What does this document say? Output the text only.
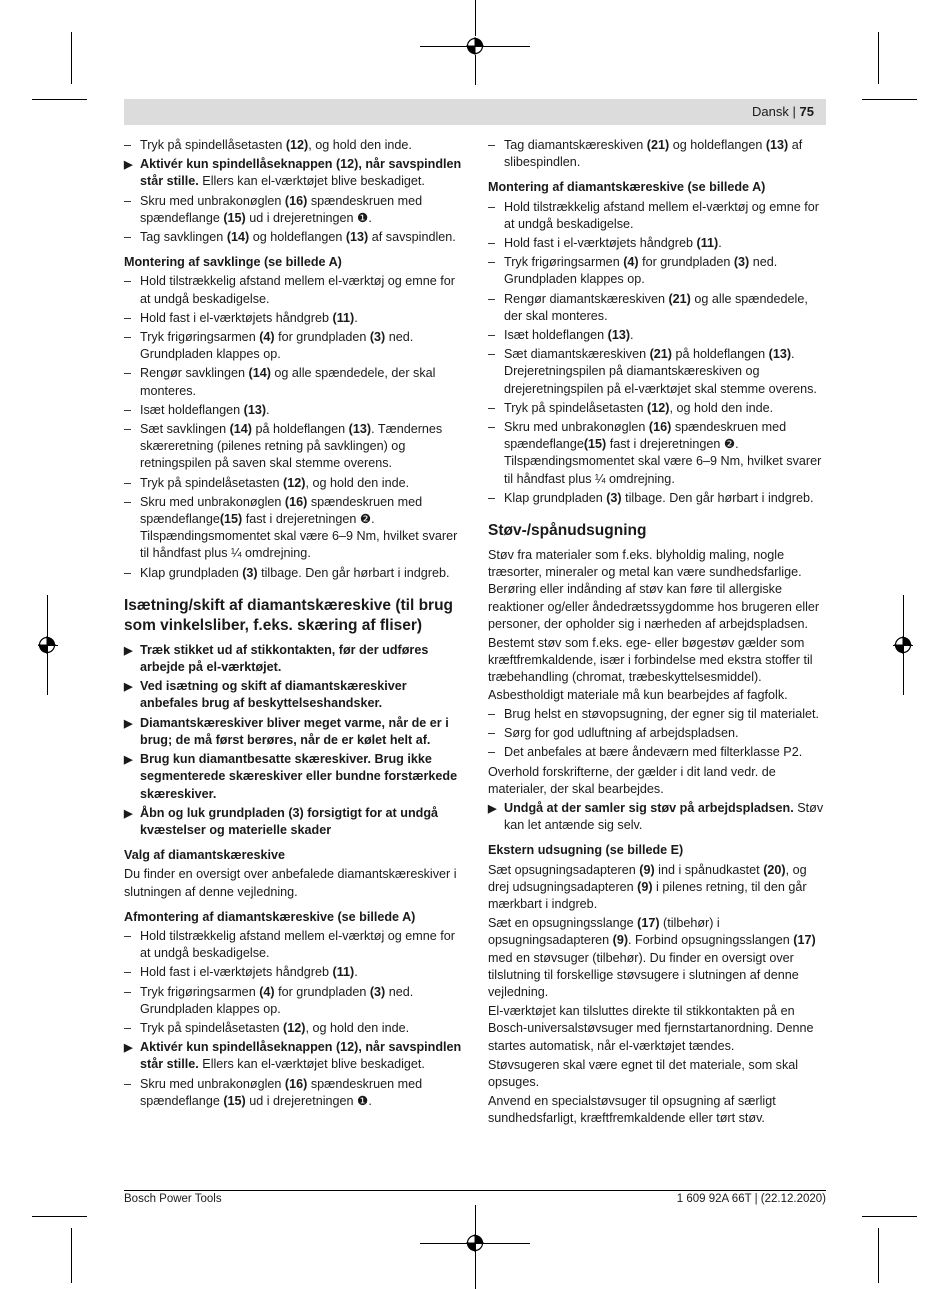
Dansk | 75
– Tryk på spindellåsetasten (12), og hold den inde.
▶ Aktivér kun spindellåseknappen (12), når savspindlen står stille. Ellers kan el-værktøjet blive beskadiget.
– Skru med unbrakonøglen (16) spændeskruen med spændeflange (15) ud i drejeretningen ❶.
– Tag savklingen (14) og holdeflangen (13) af savspindlen.
Montering af savklinge (se billede A)
– Hold tilstrækkelig afstand mellem el-værktøj og emne for at undgå beskadigelse.
– Hold fast i el-værktøjets håndgreb (11).
– Tryk frigøringsarmen (4) for grundpladen (3) ned. Grundpladen klappes op.
– Rengør savklingen (14) og alle spændedele, der skal monteres.
– Isæt holdeflangen (13).
– Sæt savklingen (14) på holdeflangen (13). Tændernes skæreretning (pilenes retning på savklingen) og retningspilen på saven skal stemme overens.
– Tryk på spindelåsetasten (12), og hold den inde.
– Skru med unbrakonøglen (16) spændeskruen med spændeflange(15) fast i drejeretningen ❷. Tilspændingsmomentet skal være 6–9 Nm, hvilket svarer til håndfast plus ¼ omdrejning.
– Klap grundpladen (3) tilbage. Den går hørbart i indgreb.
Isætning/skift af diamantskæreskive (til brug som vinkelsliber, f.eks. skæring af fliser)
▶ Træk stikket ud af stikkontakten, før der udføres arbejde på el-værktøjet.
▶ Ved isætning og skift af diamantskæreskiver anbefales brug af beskyttelseshandsker.
▶ Diamantskæreskiver bliver meget varme, når de er i brug; de må først berøres, når de er kølet helt af.
▶ Brug kun diamantbesatte skæreskiver. Brug ikke segmenterede skæreskiver eller bundne forstærkede skæreskiver.
▶ Åbn og luk grundpladen (3) forsigtigt for at undgå kvæstelser og materielle skader
Valg af diamantskæreskive
Du finder en oversigt over anbefalede diamantskæreskiver i slutningen af denne vejledning.
Afmontering af diamantskæreskive (se billede A)
– Hold tilstrækkelig afstand mellem el-værktøj og emne for at undgå beskadigelse.
– Hold fast i el-værktøjets håndgreb (11).
– Tryk frigøringsarmen (4) for grundpladen (3) ned. Grundpladen klappes op.
– Tryk på spindelåsetasten (12), og hold den inde.
▶ Aktivér kun spindellåseknappen (12), når savspindlen står stille. Ellers kan el-værktøjet blive beskadiget.
– Skru med unbrakonøglen (16) spændeskruen med spændeflange (15) ud i drejeretningen ❶.
– Tag diamantskæreskiven (21) og holdeflangen (13) af slibespindlen.
Montering af diamantskæreskive (se billede A)
– Hold tilstrækkelig afstand mellem el-værktøj og emne for at undgå beskadigelse.
– Hold fast i el-værktøjets håndgreb (11).
– Tryk frigøringsarmen (4) for grundpladen (3) ned. Grundpladen klappes op.
– Rengør diamantskæreskiven (21) og alle spændedele, der skal monteres.
– Isæt holdeflangen (13).
– Sæt diamantskæreskiven (21) på holdeflangen (13). Drejeretningspilen på diamantskæreskiven og drejeretningspilen på el-værktøjet skal stemme overens.
– Tryk på spindelåsetasten (12), og hold den inde.
– Skru med unbrakonøglen (16) spændeskruen med spændeflange(15) fast i drejeretningen ❷. Tilspændingsmomentet skal være 6–9 Nm, hvilket svarer til håndfast plus ¼ omdrejning.
– Klap grundpladen (3) tilbage. Den går hørbart i indgreb.
Støv-/spånudsugning
Støv fra materialer som f.eks. blyholdig maling, nogle træsorter, mineraler og metal kan være sundhedsfarlige. Berøring eller indånding af støv kan føre til allergiske reaktioner og/eller åndedrætssygdomme hos brugeren eller personer, der opholder sig i nærheden af arbejdspladsen.
Bestemt støv som f.eks. ege- eller bøgestøv gælder som kræftfremkaldende, især i forbindelse med ekstra stoffer til træbehandling (chromat, træbeskyttelsesmiddel). Asbestholdigt materiale må kun bearbejdes af fagfolk.
– Brug helst en støvopsugning, der egner sig til materialet.
– Sørg for god udluftning af arbejdspladsen.
– Det anbefales at bære åndeværn med filterklasse P2.
Overhold forskrifterne, der gælder i dit land vedr. de materialer, der skal bearbejdes.
▶ Undgå at der samler sig støv på arbejdspladsen. Støv kan let antænde sig selv.
Ekstern udsugning (se billede E)
Sæt opsugningsadapteren (9) ind i spånudkastet (20), og drej udsugningsadapteren (9) i pilenes retning, til den går mærkbart i indgreb.
Sæt en opsugningsslange (17) (tilbehør) i opsugningsadapteren (9). Forbind opsugningsslangen (17) med en støvsuger (tilbehør). Du finder en oversigt over tilslutning til forskellige støvsugere i slutningen af denne vejledning.
El-værktøjet kan tilsluttes direkte til stikkontakten på en Bosch-universalstøvsuger med fjernstartanordning. Denne startes automatisk, når el-værktøjet tændes.
Støvsugeren skal være egnet til det materiale, som skal opsuges.
Anvend en specialstøvsuger til opsugning af særligt sundhedsfarligt, kræftfremkaldende eller tørt støv.
Bosch Power Tools	1 609 92A 66T | (22.12.2020)
